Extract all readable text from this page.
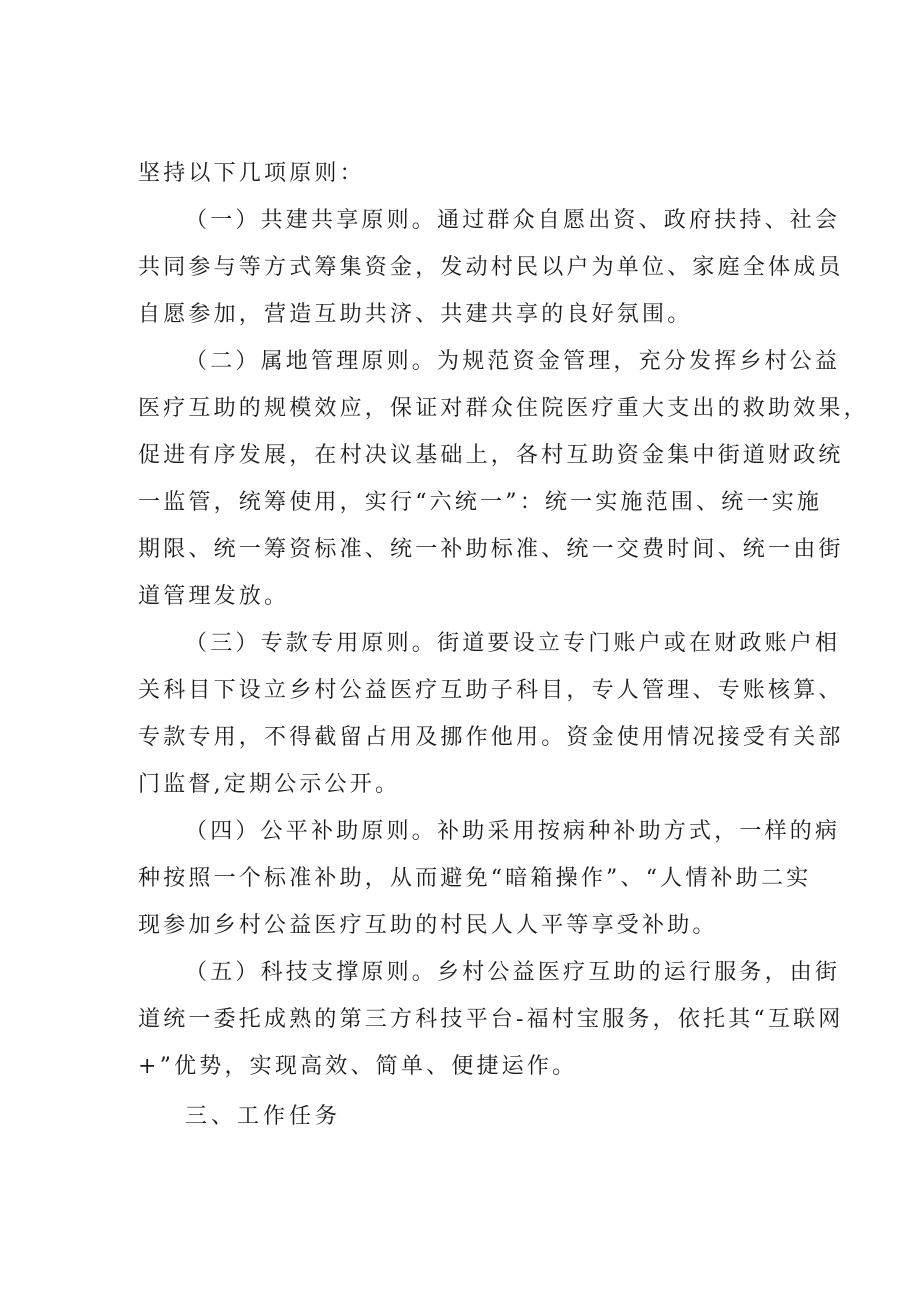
坚持以下几项原则：
（一）共建共享原则。通过群众自愿出资、政府扶持、社会
共同参与等方式筹集资金，发动村民以户为单位、家庭全体成员
自愿参加，营造互助共济、共建共享的良好氛围。
（二）属地管理原则。为规范资金管理，充分发挥乡村公益
医疗互助的规模效应，保证对群众住院医疗重大支出的救助效果，
促进有序发展，在村决议基础上，各村互助资金集中街道财政统
一监管，统筹使用，实行“六统一”：统一实施范围、统一实施
期限、统一筹资标准、统一补助标准、统一交费时间、统一由街
道管理发放。
（三）专款专用原则。街道要设立专门账户或在财政账户相
关科目下设立乡村公益医疗互助子科目，专人管理、专账核算、
专款专用，不得截留占用及挪作他用。资金使用情况接受有关部
门监督,定期公示公开。
（四）公平补助原则。补助采用按病种补助方式，一样的病
种按照一个标准补助，从而避免“暗箱操作”、“人情补助二实
现参加乡村公益医疗互助的村民人人平等享受补助。
（五）科技支撑原则。乡村公益医疗互助的运行服务，由街
道统一委托成熟的第三方科技平台-福村宝服务，依托其“互联网
+”优势，实现高效、简单、便捷运作。
三、工作任务
